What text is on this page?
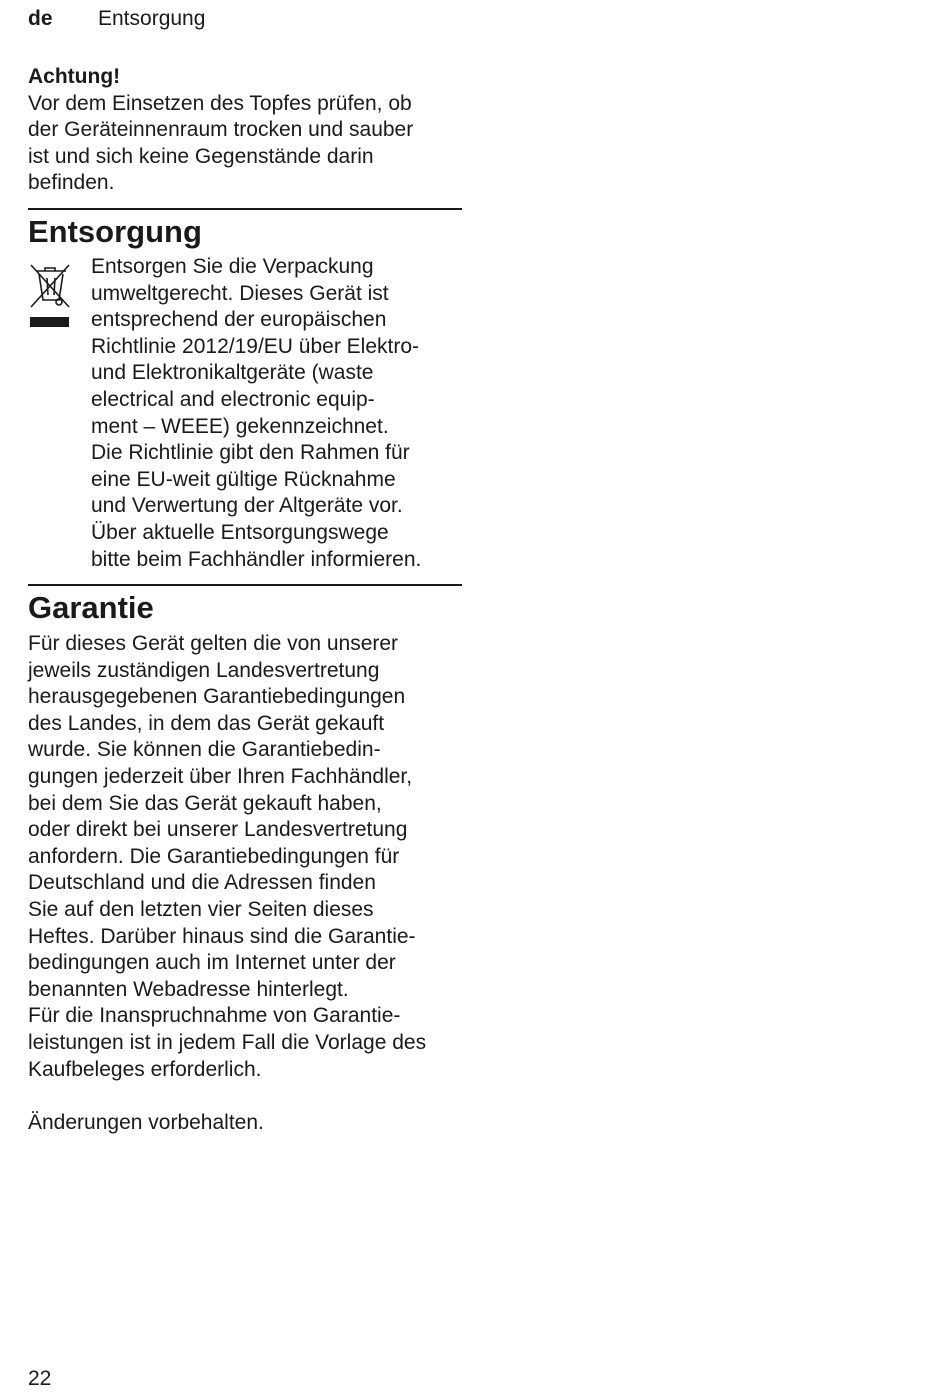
de Entsorgung

Achtung!

Vor dem Einsetzen des Topfes prüfen, ob
der Geräteinnenraum trocken und sauber
ist und sich keine Gegenstände darin
befinden.

Entsorgung

Entsorgen Sie die Verpackung
umweltgerecht. Dieses Gerät ist
entsprechend der europäischen
Richtlinie 2012/19/EU über Elektro-
und Elektronikaltgeräte (waste
electrical and electronic equip-
ment – WEEE) gekennzeichnet.
Die Richtlinie gibt den Rahmen für
eine EU-weit gültige Rücknahme
und Verwertung der Altgeräte vor.
Über aktuelle Entsorgungswege
bitte beim Fachhändler informieren.

Garantie

Für dieses Gerät gelten die von unserer
jeweils zuständigen Landesvertretung
herausgegebenen Garantiebedingungen
des Landes, in dem das Gerät gekauft
wurde. Sie können die Garantiebedin-
gungen jederzeit über Ihren Fachhändler,
bei dem Sie das Gerät gekauft haben,
oder direkt bei unserer Landesvertretung
anfordern. Die Garantiebedingungen für
Deutschland und die Adressen finden
Sie auf den letzten vier Seiten dieses
Heftes. Darüber hinaus sind die Garantie-
bedingungen auch im Internet unter der
benannten Webadresse hinterlegt.
Für die Inanspruchnahme von Garantie-
leistungen ist in jedem Fall die Vorlage des
Kaufbeleges erforderlich.

Änderungen vorbehalten.

22
